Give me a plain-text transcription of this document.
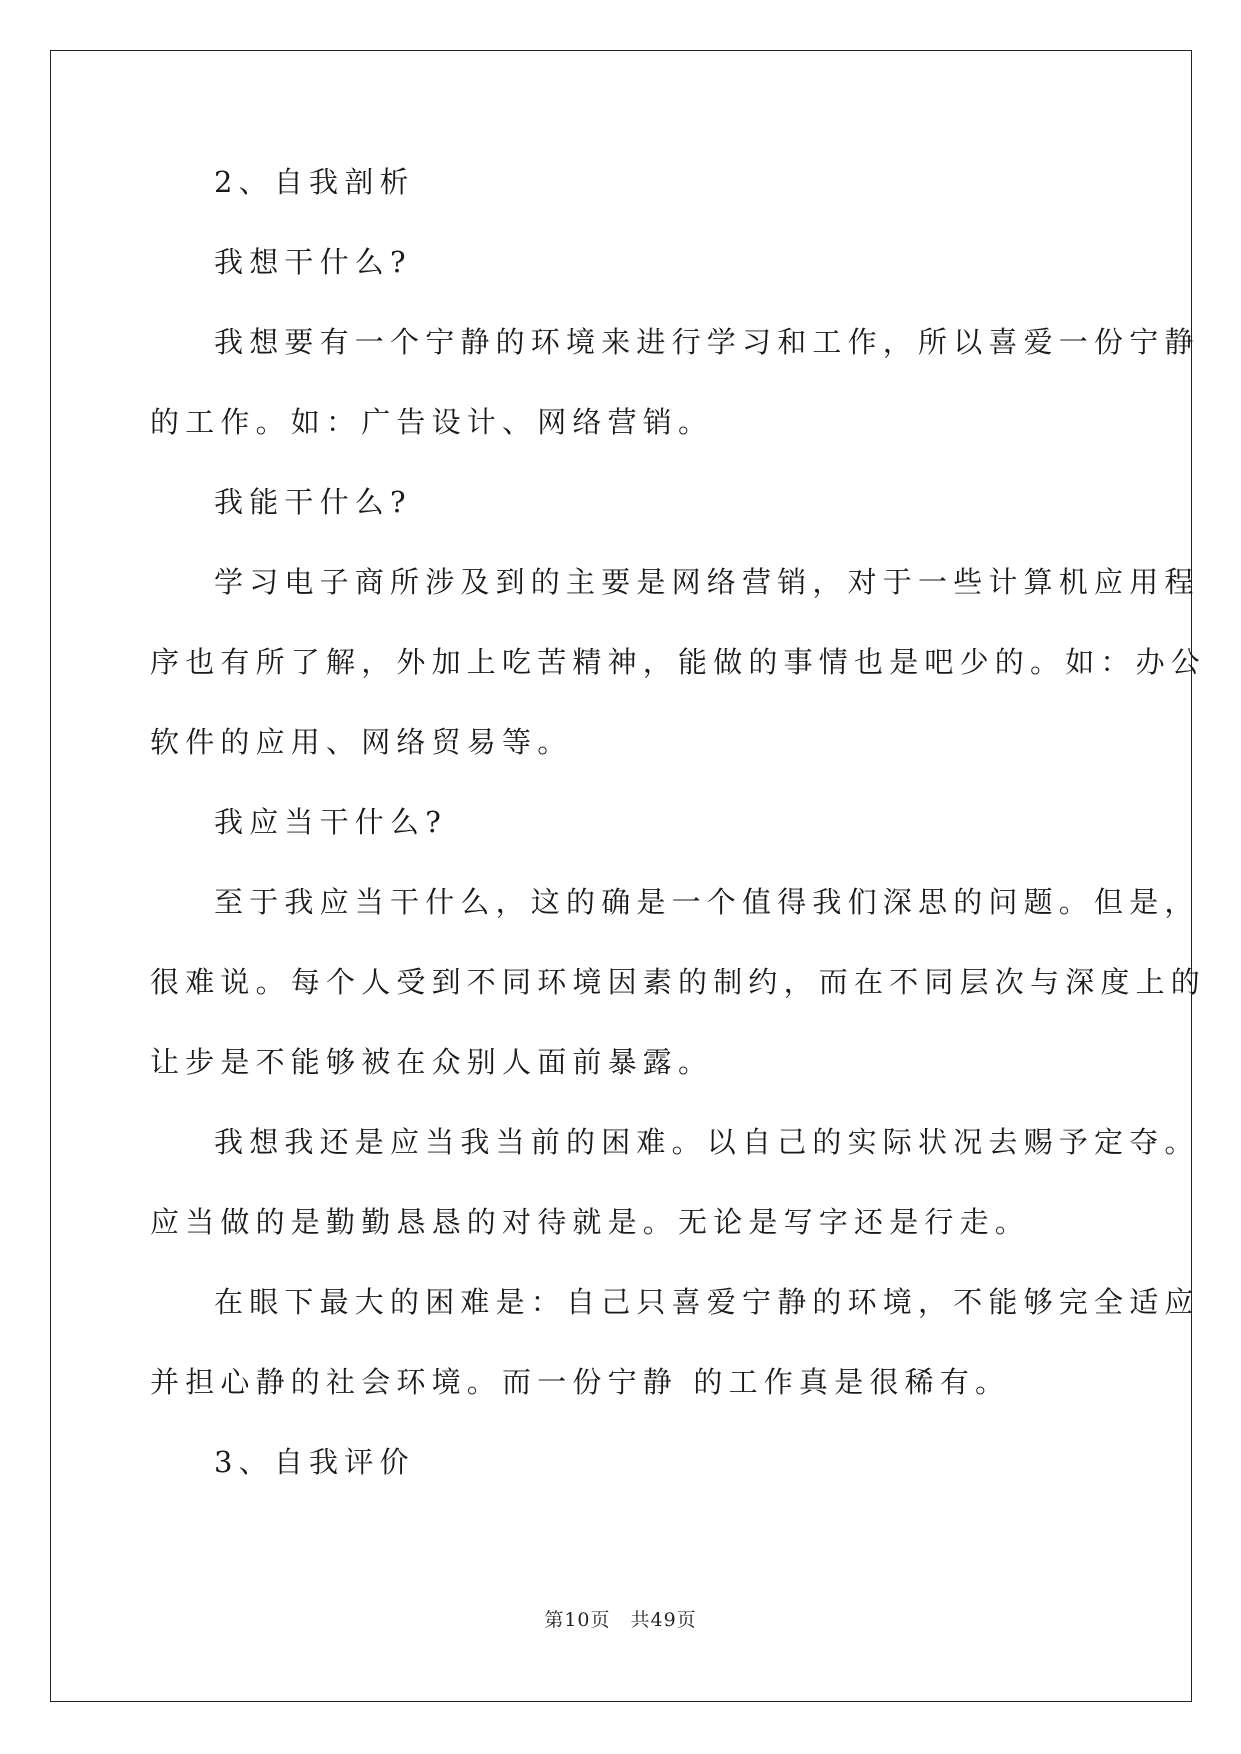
2、自我剖析
我想干什么?
我想要有一个宁静的环境来进行学习和工作，所以喜爱一份宁静
的工作。如：广告设计、网络营销。
我能干什么?
学习电子商所涉及到的主要是网络营销，对于一些计算机应用程
序也有所了解，外加上吃苦精神，能做的事情也是吧少的。如：办公
软件的应用、网络贸易等。
我应当干什么?
至于我应当干什么，这的确是一个值得我们深思的问题。但是，
很难说。每个人受到不同环境因素的制约，而在不同层次与深度上的
让步是不能够被在众别人面前暴露。
我想我还是应当我当前的困难。以自己的实际状况去赐予定夺。
应当做的是勤勤恳恳的对待就是。无论是写字还是行走。
在眼下最大的困难是：自己只喜爱宁静的环境，不能够完全适应
并担心静的社会环境。而一份宁静 的工作真是很稀有。
3、自我评价
第10页 共49页
